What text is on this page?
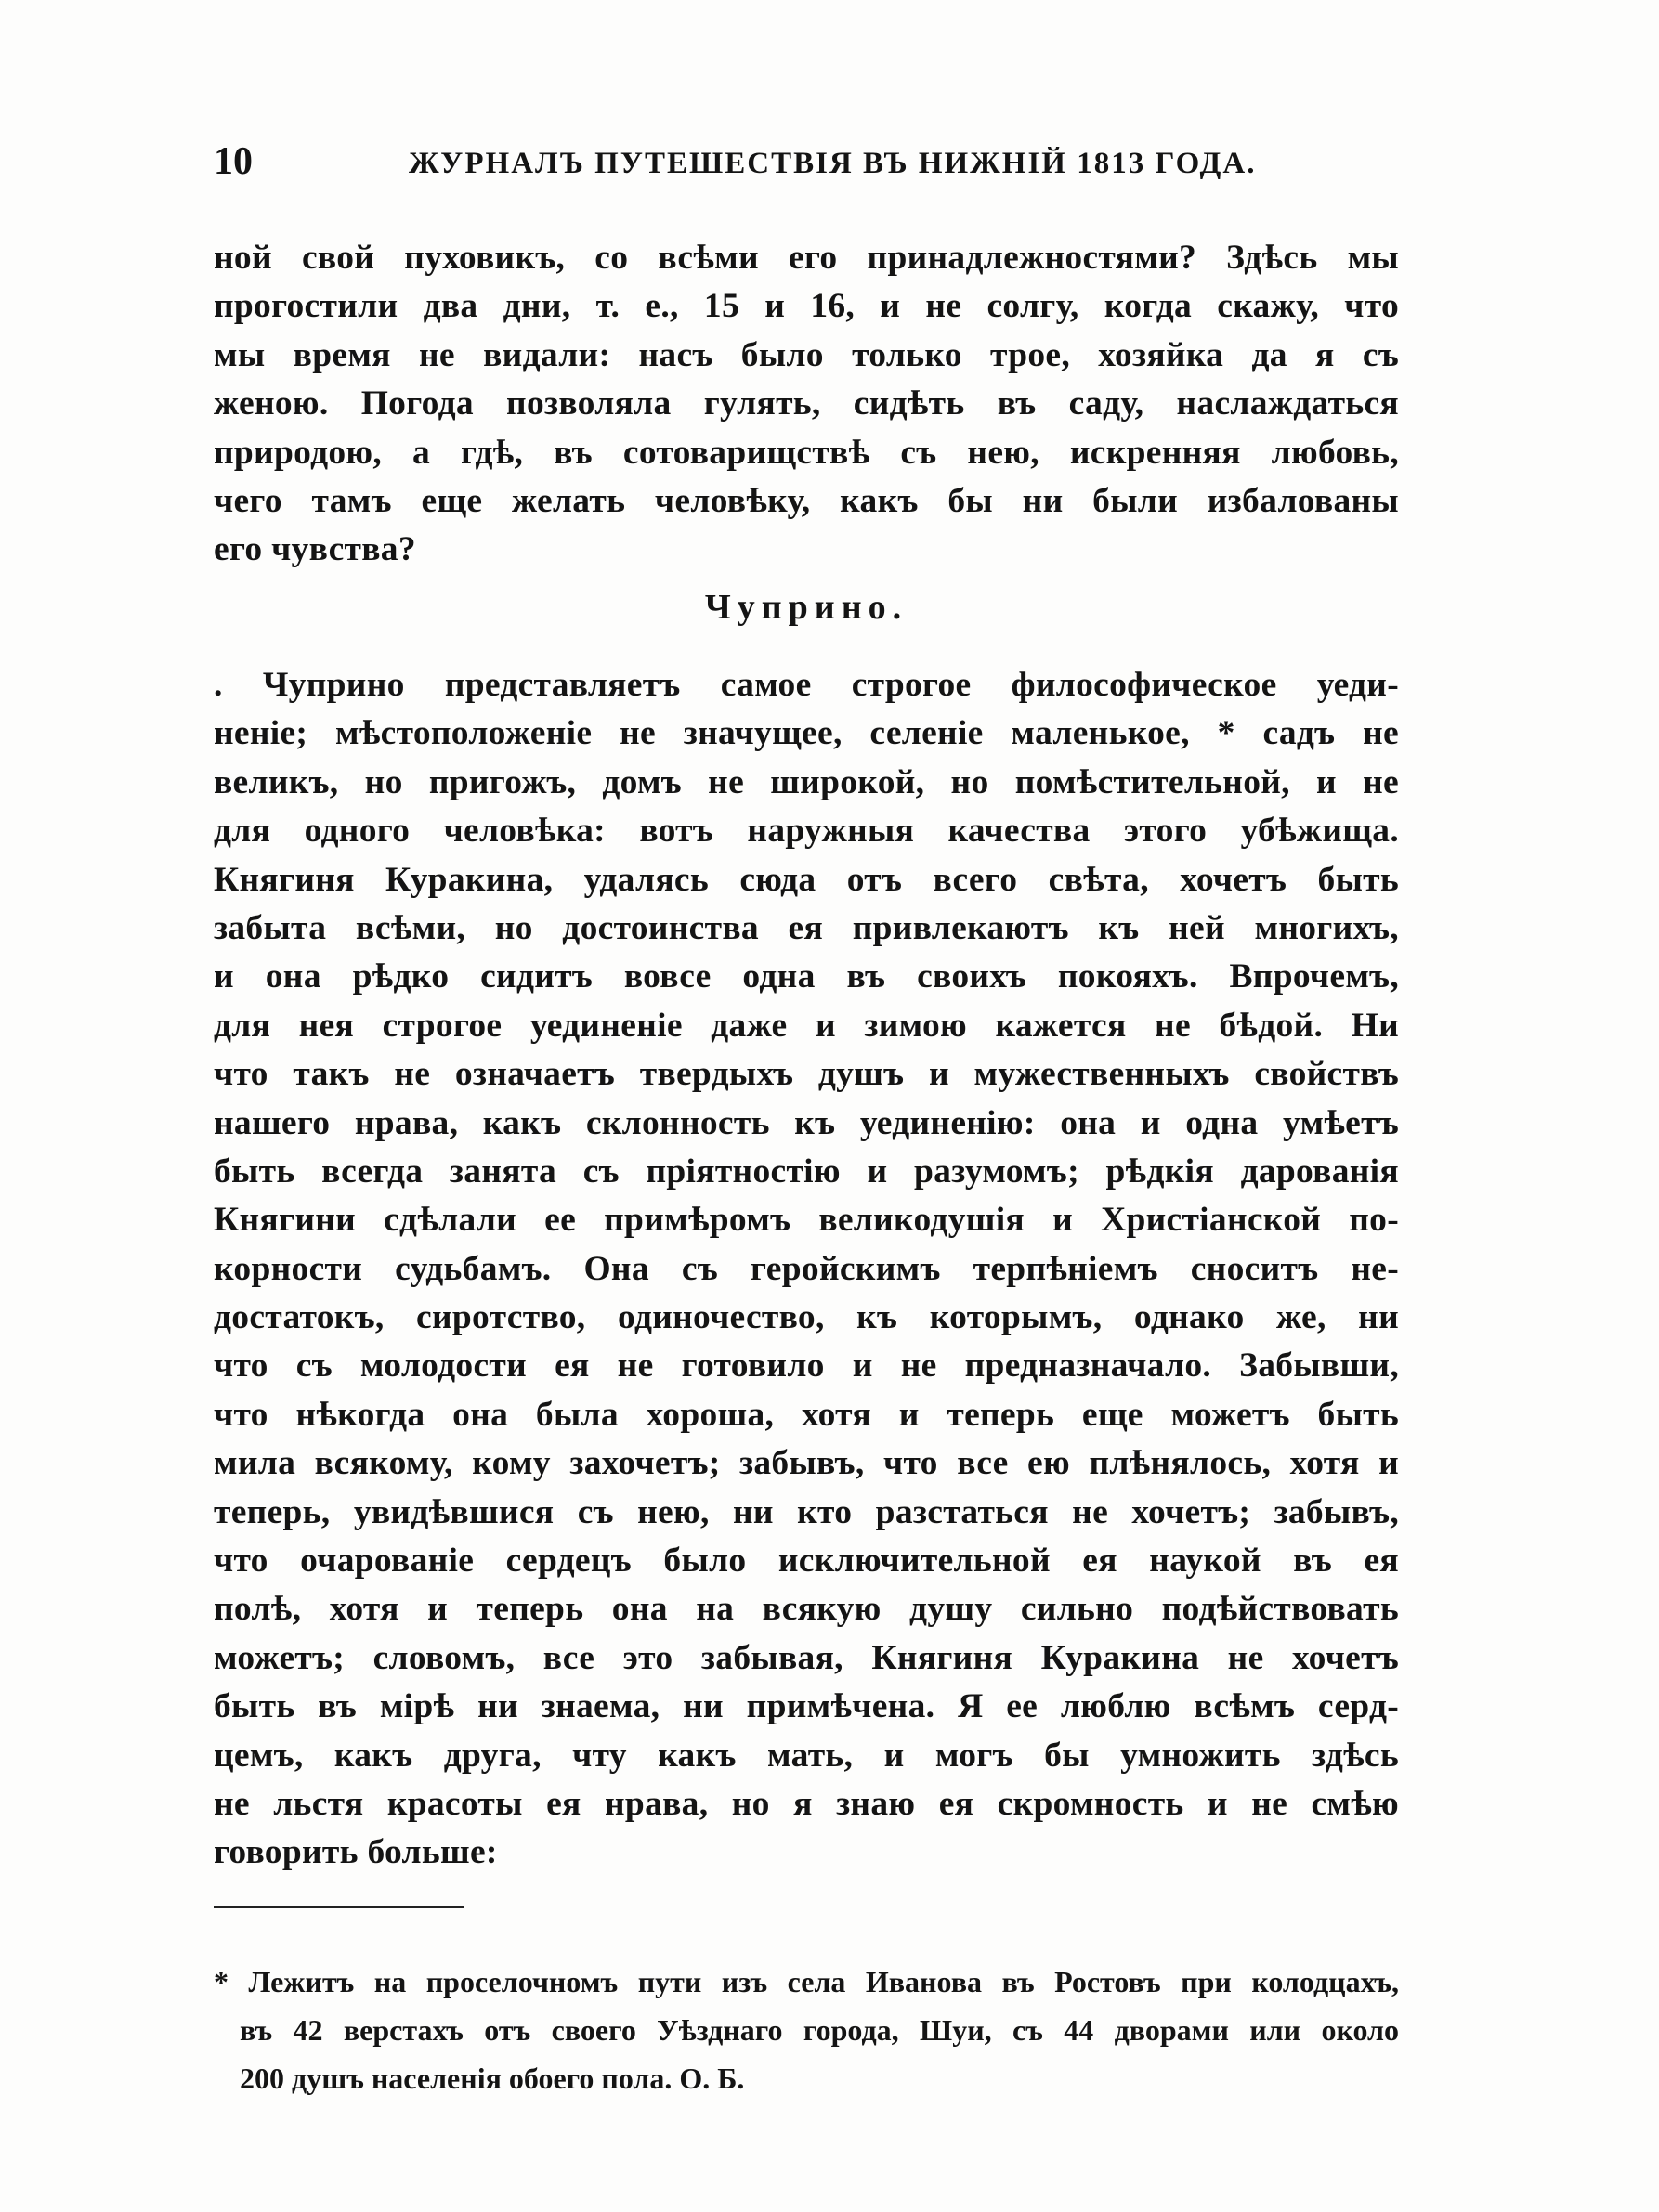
10	ЖУРНАЛЪ ПУТЕШЕСТВІЯ ВЪ НИЖНІЙ 1813 ГОДА.
ной свой пуховикъ, со всѣми его принадлежностями? Здѣсь мы
прогостили два дни, т. е., 15 и 16, и не солгу, когда скажу, что
мы время не видали: насъ было только трое, хозяйка да я съ
женою. Погода позволяла гулять, сидѣть въ саду, наслаждаться
природою, а гдѣ, въ сотоварищствѣ съ нею, искренняя любовь,
чего тамъ еще желать человѣку, какъ бы ни были избалованы
его чувства?
Чуприно.
. Чуприно представляетъ самое строгое философическое уеди-
неніе; мѣстоположеніе не значущее, селеніе маленькое, * садъ не
великъ, но пригожъ, домъ не широкой, но помѣстительной, и не
для одного человѣка: вотъ наружныя качества этого убѣжища.
Княгиня Куракина, удалясь сюда отъ всего свѣта, хочетъ быть
забыта всѣми, но достоинства ея привлекаютъ къ ней многихъ,
и она рѣдко сидитъ вовсе одна въ своихъ покояхъ. Впрочемъ,
для нея строгое уединеніе даже и зимою кажется не бѣдой. Ни
что такъ не означаетъ твердыхъ душъ и мужественныхъ свойствъ
нашего нрава, какъ склонность къ уединенію: она и одна умѣетъ
быть всегда занята съ пріятностію и разумомъ; рѣдкія дарованія
Княгини сдѣлали ее примѣромъ великодушія и Христіанской по-
корности судьбамъ. Она съ геройскимъ терпѣніемъ сноситъ не-
достатокъ, сиротство, одиночество, къ которымъ, однако же, ни
что съ молодости ея не готовило и не предназначало. Забывши,
что нѣкогда она была хороша, хотя и теперь еще можетъ быть
мила всякому, кому захочетъ; забывъ, что все ею плѣнялось, хотя и
теперь, увидѣвшися съ нею, ни кто разстаться не хочетъ; забывъ,
что очарованіе сердецъ было исключительной ея наукой въ ея
полѣ, хотя и теперь она на всякую душу сильно подѣйствовать
можетъ; словомъ, все это забывая, Княгиня Куракина не хочетъ
быть въ мірѣ ни знаема, ни примѣчена. Я ее люблю всѣмъ серд-
цемъ, какъ друга, чту какъ мать, и могъ бы умножить здѣсь
не льстя красоты ея нрава, но я знаю ея скромность и не смѣю
говорить больше:
* Лежитъ на проселочномъ пути изъ села Иванова въ Ростовъ при колодцахъ,
въ 42 верстахъ отъ своего Уѣзднаго города, Шуи, съ 44 дворами или около
200 душъ населенія обоего пола. О. Б.
